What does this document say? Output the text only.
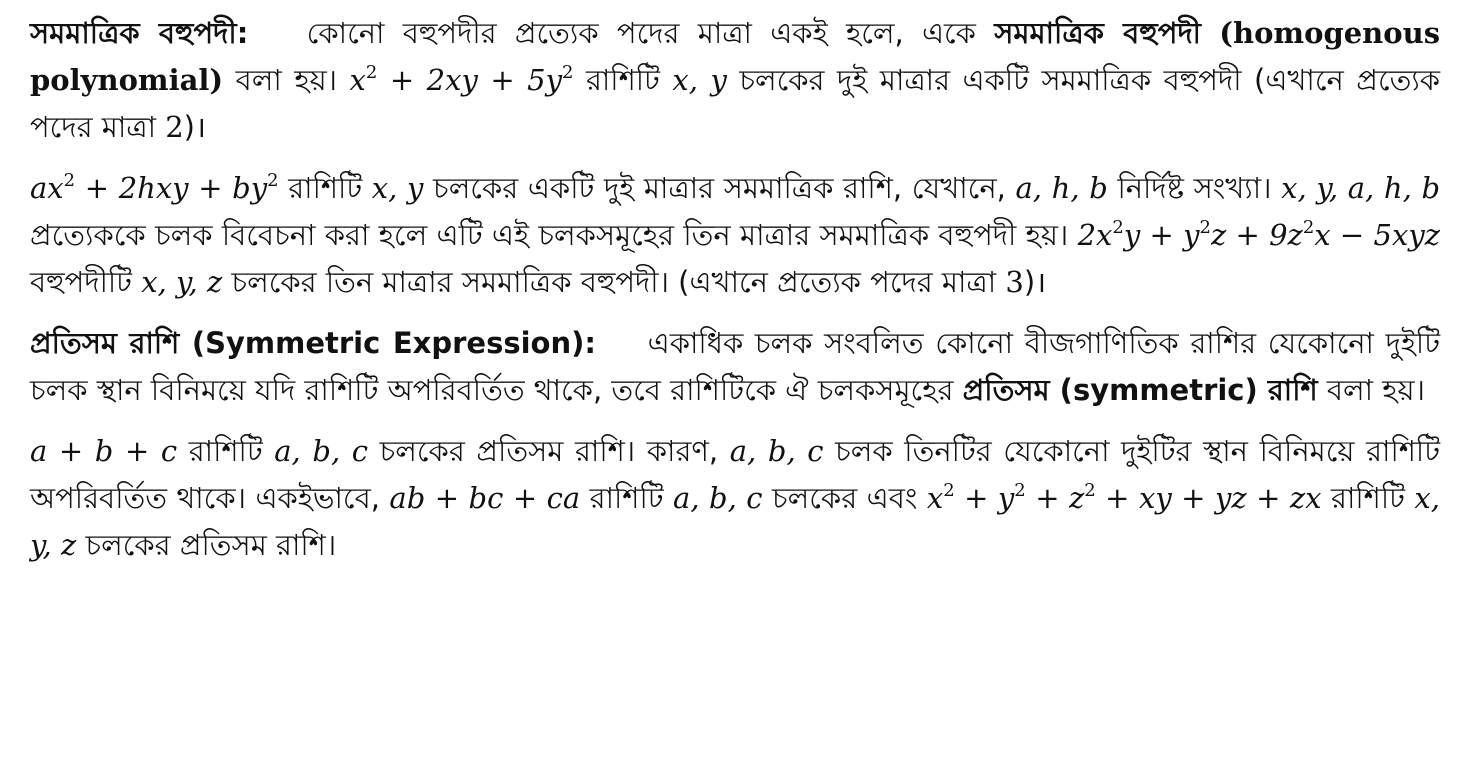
সমমাত্রিক বহুপদী: কোনো বহুপদীর প্রত্যেক পদের মাত্রা একই হলে, একে সমমাত্রিক বহুপদী (homogenous polynomial) বলা হয়। $x^2 + 2xy + 5y^2$ রাশিটি x, y চলকের দুই মাত্রার একটি সমমাত্রিক বহুপদী (এখানে প্রত্যেক পদের মাত্রা 2)।

$ax^2 + 2hxy + by^2$ রাশিটি x, y চলকের একটি দুই মাত্রার সমমাত্রিক রাশি, যেখানে, a, h, b নির্দিষ্ট সংখ্যা। x, y, a, h, b প্রত্যেককে চলক বিবেচনা করা হলে এটি এই চলকসমূহের তিন মাত্রার সমমাত্রিক বহুপদী হয়। $2x^2y + y^2z + 9z^2x - 5xyz$ বহুপদীটি x, y, z চলকের তিন মাত্রার সমমাত্রিক বহুপদী। (এখানে প্রত্যেক পদের মাত্রা 3)।

প্রতিসম রাশি (Symmetric Expression): একাধিক চলক সংবলিত কোনো বীজগাণিতিক রাশির যেকোনো দুইটি চলক স্থান বিনিময়ে যদি রাশিটি অপরিবর্তিত থাকে, তবে রাশিটিকে ঐ চলকসমূহের প্রতিসম (symmetric) রাশি বলা হয়।

a + b + c রাশিটি a, b, c চলকের প্রতিসম রাশি। কারণ, a, b, c চলক তিনটির যেকোনো দুইটির স্থান বিনিময়ে রাশিটি অপরিবর্তিত থাকে। একইভাবে, ab + bc + ca রাশিটি a, b, c চলকের এবং $x^2 + y^2 + z^2$ + xy + yz + zx রাশিটি x, y, z চলকের প্রতিসম রাশি।
